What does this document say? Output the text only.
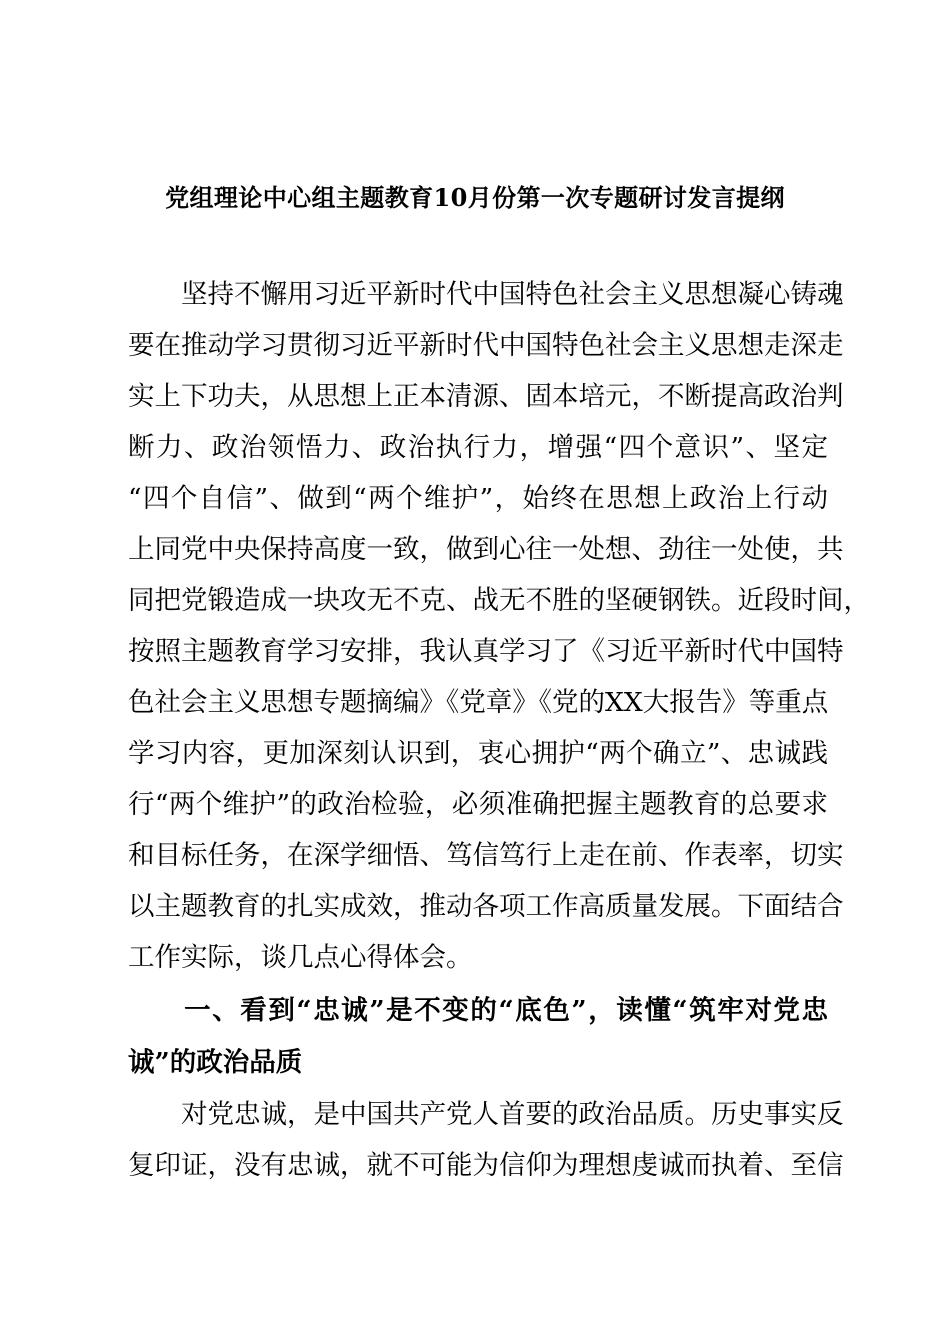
党组理论中心组主题教育10月份第一次专题研讨发言提纲
　　坚持不懈用习近平新时代中国特色社会主义思想凝心铸魂
要在推动学习贯彻习近平新时代中国特色社会主义思想走深走
实上下功夫，从思想上正本清源、固本培元，不断提高政治判
断力、政治领悟力、政治执行力，增强“四个意识”、坚定
“四个自信”、做到“两个维护”，始终在思想上政治上行动
上同党中央保持高度一致，做到心往一处想、劲往一处使，共
同把党锻造成一块攻无不克、战无不胜的坚硬钢铁。近段时间，
按照主题教育学习安排，我认真学习了《习近平新时代中国特
色社会主义思想专题摘编》《党章》《党的XX大报告》等重点
学习内容，更加深刻认识到，衷心拥护“两个确立”、忠诚践
行“两个维护”的政治检验，必须准确把握主题教育的总要求
和目标任务，在深学细悟、笃信笃行上走在前、作表率，切实
以主题教育的扎实成效，推动各项工作高质量发展。下面结合
工作实际，谈几点心得体会。
　　一、看到“忠诚”是不变的“底色”，读懂“筑牢对党忠
诚”的政治品质
　　对党忠诚，是中国共产党人首要的政治品质。历史事实反
复印证，没有忠诚，就不可能为信仰为理想虔诚而执着、至信
